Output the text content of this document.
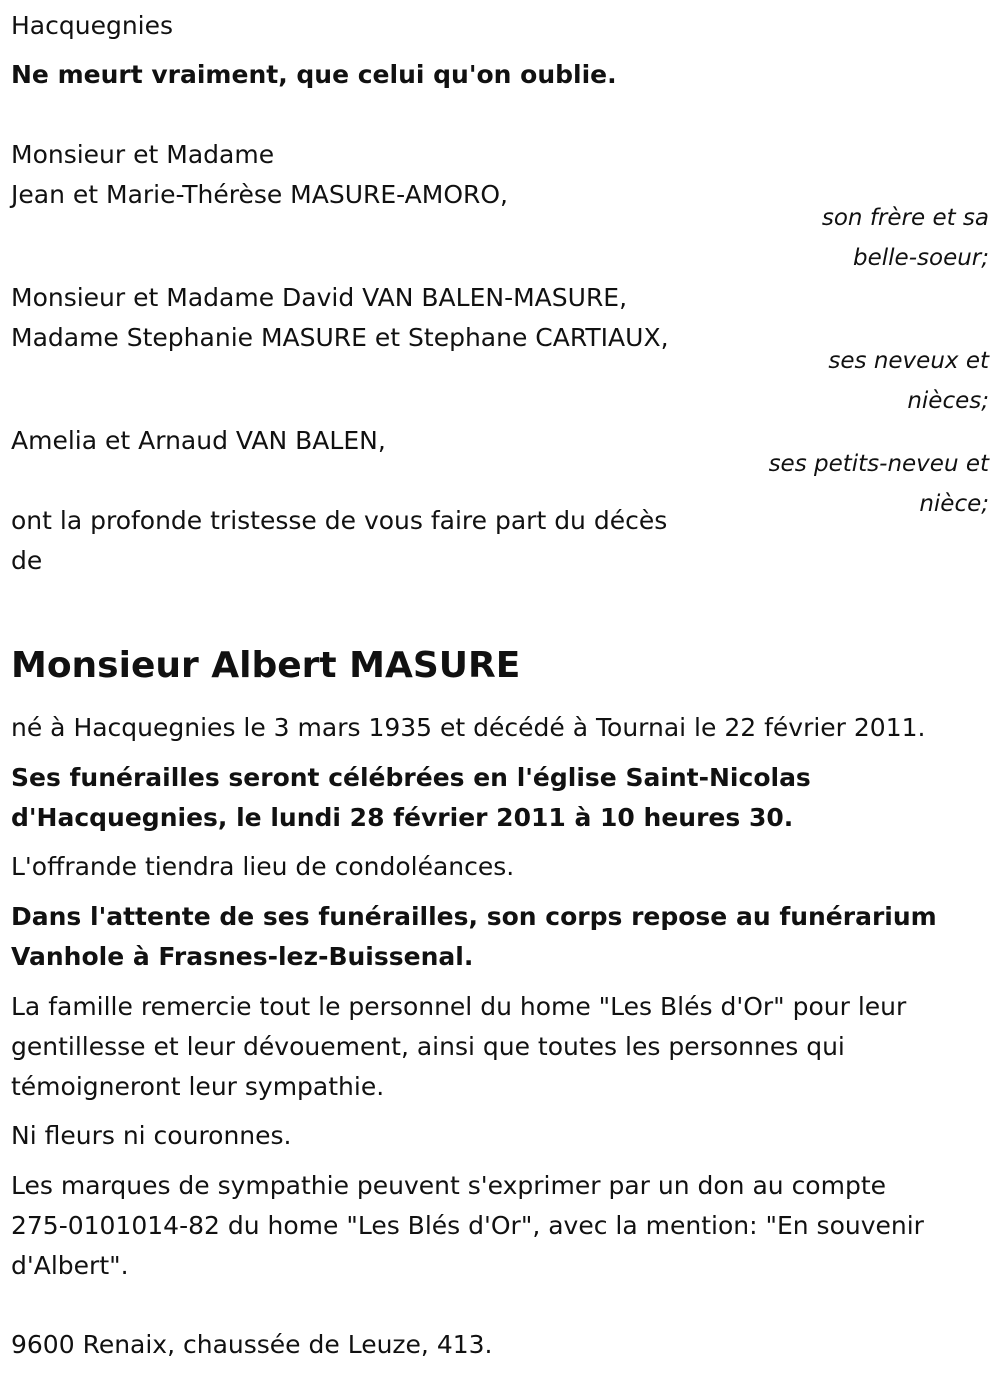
Hacquegnies

Ne meurt vraiment, que celui qu'on oublie.

Monsieur et Madame

Jean et Marie-Thérèse MASURE-AMORO,

son frère et sa
belle-soeur;

Monsieur et Madame David VAN BALEN-MASURE,

Madame Stephanie MASURE et Stephane CARTIAUX,

ses neveux et
nièces;

Amelia et Arnaud VAN BALEN,

ses petits-neveu et
nièce;

ont la profonde tristesse de vous faire part du décès

de

Monsieur Albert MASURE

né à Hacquegnies le 3 mars 1935 et décédé à Tournai le 22 février 2011.

Ses funérailles seront célébrées en l'église Saint-Nicolas

d'Hacquegnies, le lundi 28 février 2011 à 10 heures 30.

L'offrande tiendra lieu de condoléances.

Dans l'attente de ses funérailles, son corps repose au funérarium

Vanhole à Frasnes-lez-Buissenal.

La famille remercie tout le personnel du home "Les Blés d'Or" pour leur

gentillesse et leur dévouement, ainsi que toutes les personnes qui

témoigneront leur sympathie.

Ni fleurs ni couronnes.

Les marques de sympathie peuvent s'exprimer par un don au compte

275-0101014-82 du home "Les Blés d'Or", avec la mention: "En souvenir

d'Albert".

9600 Renaix, chaussée de Leuze, 413.
